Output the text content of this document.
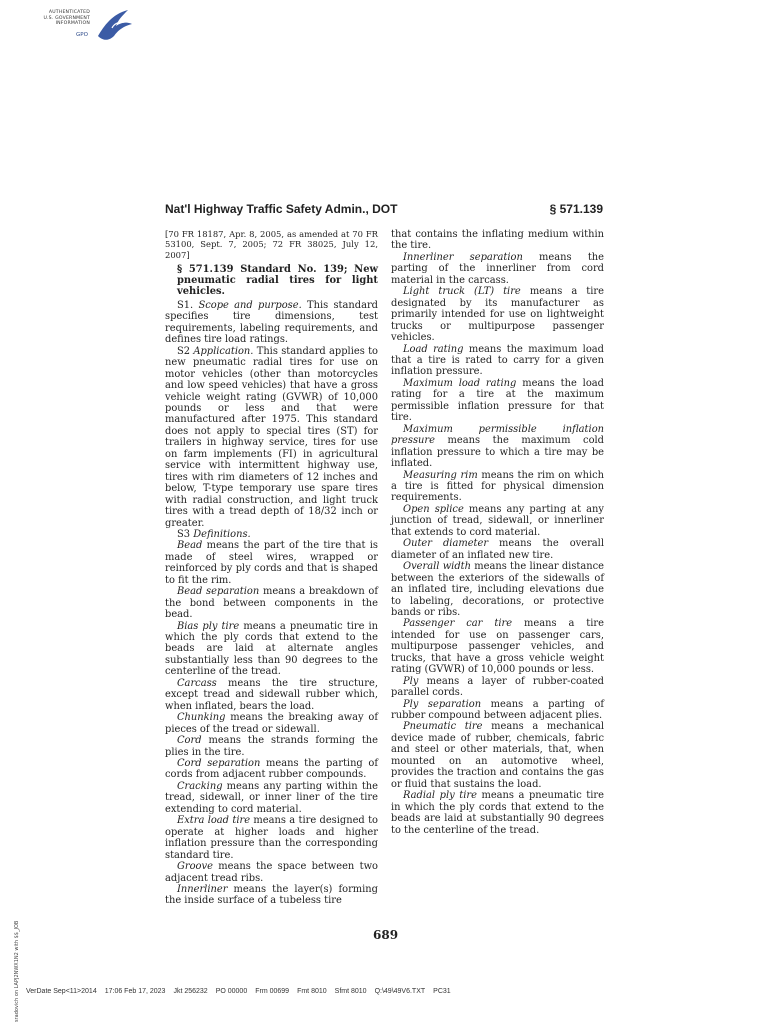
AUTHENTICATED
U.S. GOVERNMENT
INFORMATION
GPO
Nat'l Highway Traffic Safety Admin., DOT	§ 571.139

[70 FR 18187, Apr. 8, 2005, as amended at 70 FR 53100, Sept. 7, 2005; 72 FR 38025, July 12, 2007]

§ 571.139 Standard No. 139; New pneumatic radial tires for light vehicles.

S1. Scope and purpose. This standard specifies tire dimensions, test requirements, labeling requirements, and defines tire load ratings.

S2 Application. This standard applies to new pneumatic radial tires for use on motor vehicles (other than motorcycles and low speed vehicles) that have a gross vehicle weight rating (GVWR) of 10,000 pounds or less and that were manufactured after 1975. This standard does not apply to special tires (ST) for trailers in highway service, tires for use on farm implements (FI) in agricultural service with intermittent highway use, tires with rim diameters of 12 inches and below, T-type temporary use spare tires with radial construction, and light truck tires with a tread depth of 18/32 inch or greater.

S3 Definitions.

Bead means the part of the tire that is made of steel wires, wrapped or reinforced by ply cords and that is shaped to fit the rim.

Bead separation means a breakdown of the bond between components in the bead.

Bias ply tire means a pneumatic tire in which the ply cords that extend to the beads are laid at alternate angles substantially less than 90 degrees to the centerline of the tread.

Carcass means the tire structure, except tread and sidewall rubber which, when inflated, bears the load.

Chunking means the breaking away of pieces of the tread or sidewall.

Cord means the strands forming the plies in the tire.

Cord separation means the parting of cords from adjacent rubber compounds.

Cracking means any parting within the tread, sidewall, or inner liner of the tire extending to cord material.

Extra load tire means a tire designed to operate at higher loads and higher inflation pressure than the corresponding standard tire.

Groove means the space between two adjacent tread ribs.

Innerliner means the layer(s) forming the inside surface of a tubeless tire

that contains the inflating medium within the tire.

Innerliner separation means the parting of the innerliner from cord material in the carcass.

Light truck (LT) tire means a tire designated by its manufacturer as primarily intended for use on lightweight trucks or multipurpose passenger vehicles.

Load rating means the maximum load that a tire is rated to carry for a given inflation pressure.

Maximum load rating means the load rating for a tire at the maximum permissible inflation pressure for that tire.

Maximum permissible inflation pressure means the maximum cold inflation pressure to which a tire may be inflated.

Measuring rim means the rim on which a tire is fitted for physical dimension requirements.

Open splice means any parting at any junction of tread, sidewall, or innerliner that extends to cord material.

Outer diameter means the overall diameter of an inflated new tire.

Overall width means the linear distance between the exteriors of the sidewalls of an inflated tire, including elevations due to labeling, decorations, or protective bands or ribs.

Passenger car tire means a tire intended for use on passenger cars, multipurpose passenger vehicles, and trucks, that have a gross vehicle weight rating (GVWR) of 10,000 pounds or less.

Ply means a layer of rubber-coated parallel cords.

Ply separation means a parting of rubber compound between adjacent plies.

Pneumatic tire means a mechanical device made of rubber, chemicals, fabric and steel or other materials, that, when mounted on an automotive wheel, provides the traction and contains the gas or fluid that sustains the load.

Radial ply tire means a pneumatic tire in which the ply cords that extend to the beads are laid at substantially 90 degrees to the centerline of the tread.

689
sradovich on LAPJ2NWX1N2 with $$_JOB VerDate Sep<11>2014 17:06 Feb 17, 2023 Jkt 256232 PO 00000 Frm 00699 Fmt 8010 Sfmt 8010 Q:\49\49V6.TXT PC31
